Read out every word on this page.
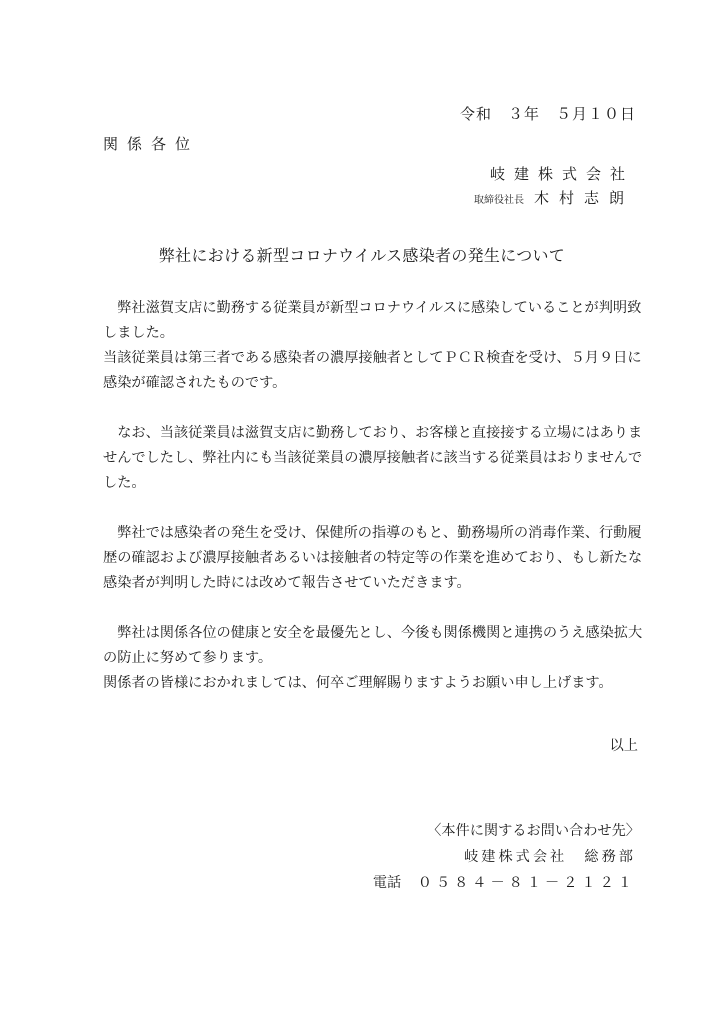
令和　３年　５月１０日
関係各位
岐建株式会社
取締役社長 木村志朗
弊社における新型コロナウイルス感染者の発生について

　弊社滋賀支店に勤務する従業員が新型コロナウイルスに感染していることが判明致しました。

当該従業員は第三者である感染者の濃厚接触者としてＰＣＲ検査を受け、５月９日に感染が確認されたものです。

　なお、当該従業員は滋賀支店に勤務しており、お客様と直接接する立場にはありませんでしたし、弊社内にも当該従業員の濃厚接触者に該当する従業員はおりませんでした。

　弊社では感染者の発生を受け、保健所の指導のもと、勤務場所の消毒作業、行動履歴の確認および濃厚接触者あるいは接触者の特定等の作業を進めており、もし新たな感染者が判明した時には改めて報告させていただきます。

　弊社は関係各位の健康と安全を最優先とし、今後も関係機関と連携のうえ感染拡大の防止に努めて参ります。

関係者の皆様におかれましては、何卒ご理解賜りますようお願い申し上げます。

以上
〈本件に関するお問い合わせ先〉
岐建株式会社　総務部
電話 ０５８４－８１－２１２１
